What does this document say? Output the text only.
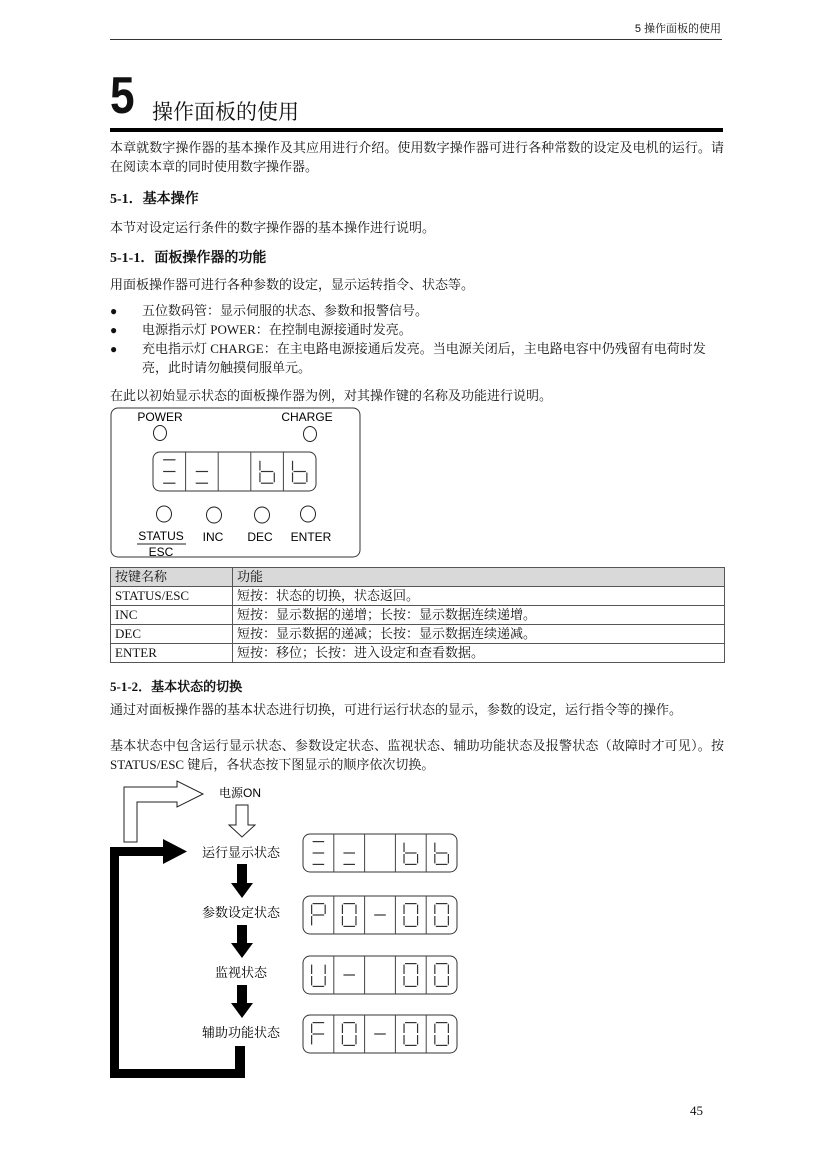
5 操作面板的使用
5 操作面板的使用
本章就数字操作器的基本操作及其应用进行介绍。使用数字操作器可进行各种常数的设定及电机的运行。请在阅读本章的同时使用数字操作器。
5-1．基本操作
本节对设定运行条件的数字操作器的基本操作进行说明。
5-1-1．面板操作器的功能
用面板操作器可进行各种参数的设定，显示运转指令、状态等。
● 五位数码管：显示伺服的状态、参数和报警信号。
● 电源指示灯 POWER：在控制电源接通时发亮。
● 充电指示灯 CHARGE：在主电路电源接通后发亮。当电源关闭后，主电路电容中仍残留有电荷时发亮，此时请勿触摸伺服单元。
在此以初始显示状态的面板操作器为例，对其操作键的名称及功能进行说明。
POWER	CHARGE
STATUS
ESC
INC DEC ENTER
按键名称	功能
STATUS/ESC	短按：状态的切换，状态返回。
INC	短按：显示数据的递增；长按：显示数据连续递增。
DEC	短按：显示数据的递减；长按：显示数据连续递减。
ENTER	短按：移位；长按：进入设定和查看数据。
5-1-2．基本状态的切换
通过对面板操作器的基本状态进行切换，可进行运行状态的显示，参数的设定，运行指令等的操作。
基本状态中包含运行显示状态、参数设定状态、监视状态、辅助功能状态及报警状态（故障时才可见）。按 STATUS/ESC 键后，各状态按下图显示的顺序依次切换。
电源ON
运行显示状态
参数设定状态
监视状态
辅助功能状态
45
